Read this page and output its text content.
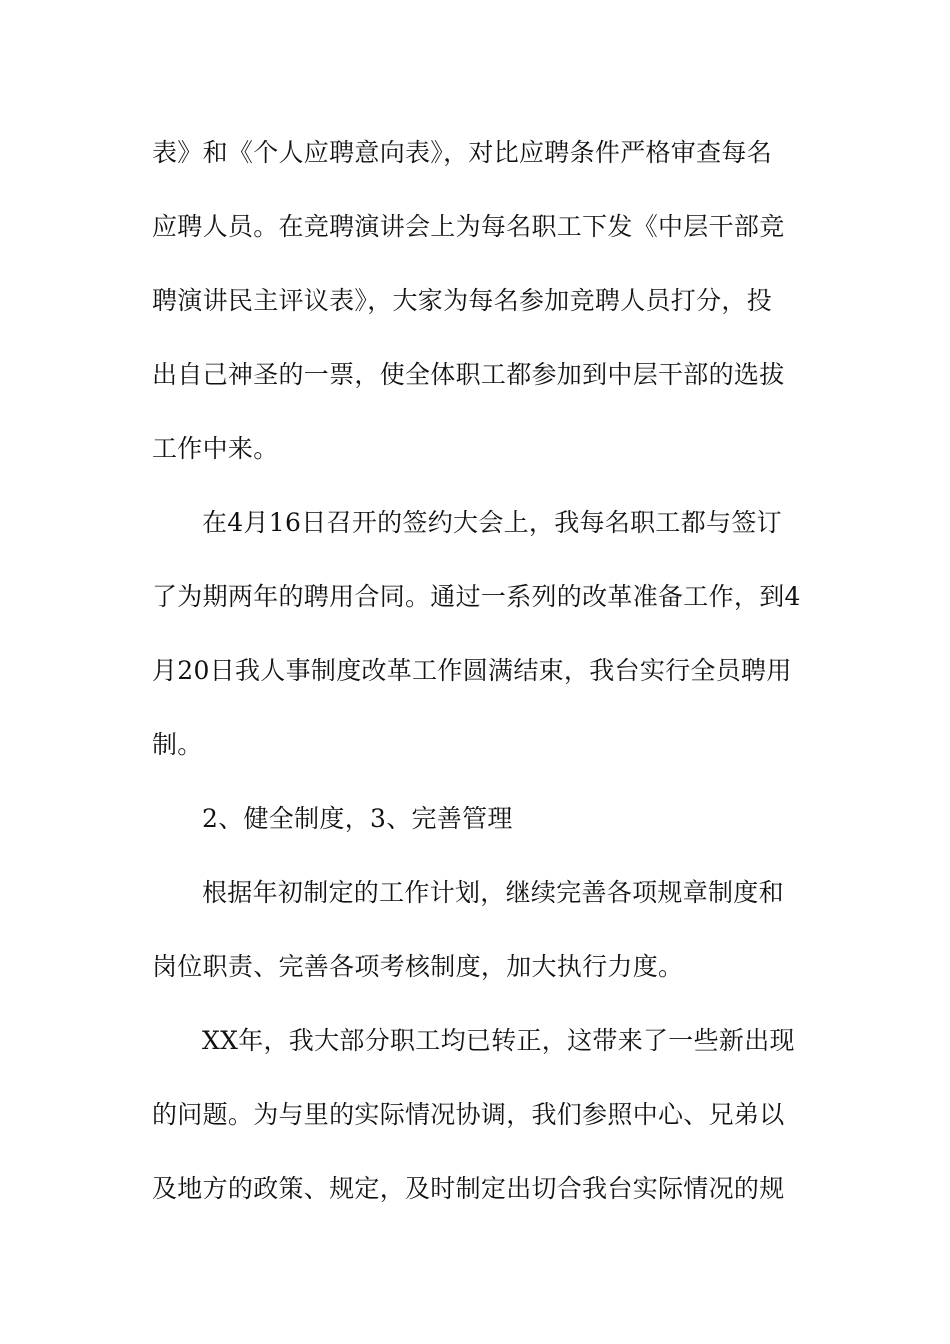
表》和《个人应聘意向表》，对比应聘条件严格审查每名
应聘人员。在竞聘演讲会上为每名职工下发《中层干部竞
聘演讲民主评议表》，大家为每名参加竞聘人员打分，投
出自己神圣的一票，使全体职工都参加到中层干部的选拔
工作中来。
在4月16日召开的签约大会上，我每名职工都与签订
了为期两年的聘用合同。通过一系列的改革准备工作，到4
月20日我人事制度改革工作圆满结束，我台实行全员聘用
制。
2、健全制度，3、完善管理
根据年初制定的工作计划，继续完善各项规章制度和
岗位职责、完善各项考核制度，加大执行力度。
XX年，我大部分职工均已转正，这带来了一些新出现
的问题。为与里的实际情况协调，我们参照中心、兄弟以
及地方的政策、规定，及时制定出切合我台实际情况的规
